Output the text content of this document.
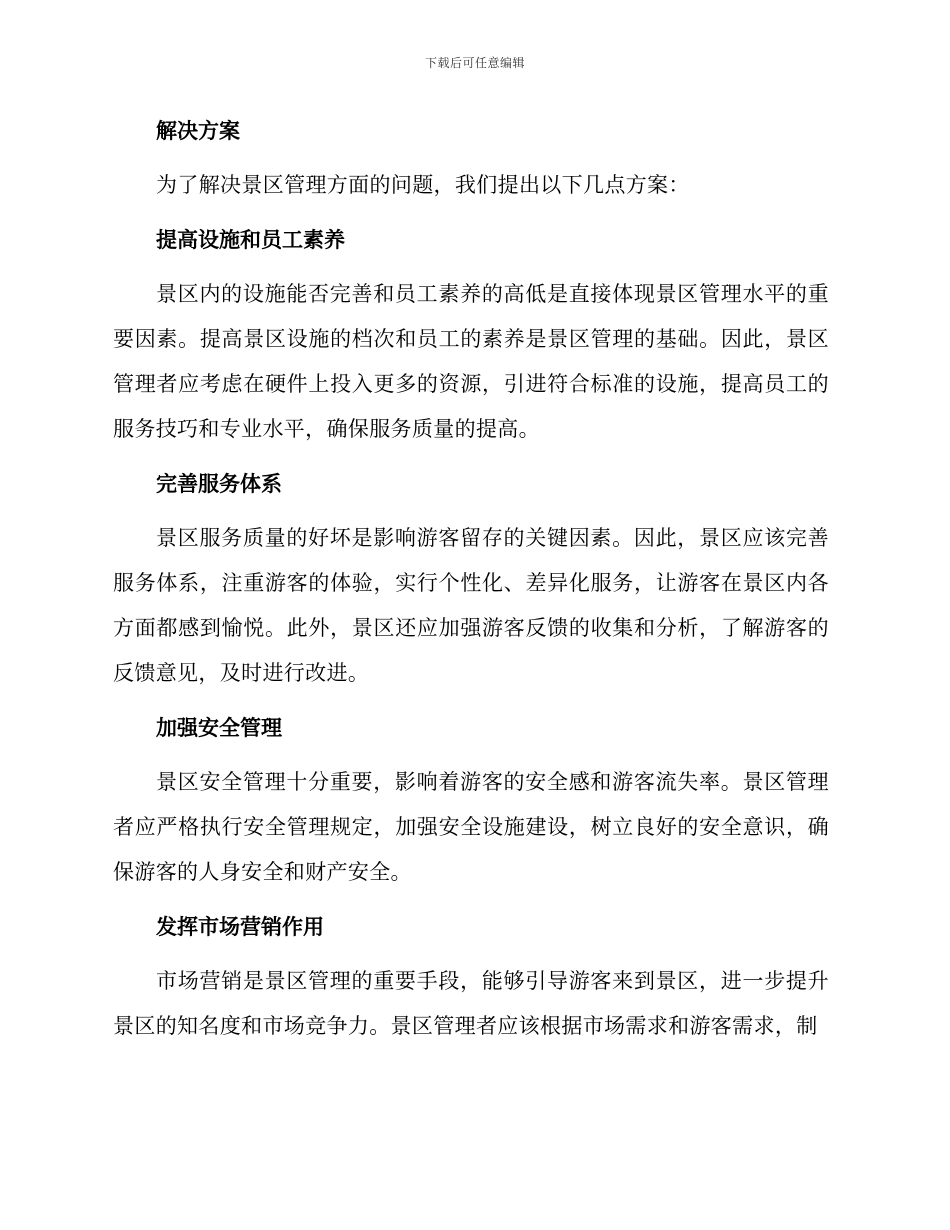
下载后可任意编辑
解决方案

为了解决景区管理方面的问题，我们提出以下几点方案：

提高设施和员工素养

景区内的设施能否完善和员工素养的高低是直接体现景区管理水平的重要因素。提高景区设施的档次和员工的素养是景区管理的基础。因此，景区管理者应考虑在硬件上投入更多的资源，引进符合标准的设施，提高员工的服务技巧和专业水平，确保服务质量的提高。

完善服务体系

景区服务质量的好坏是影响游客留存的关键因素。因此，景区应该完善服务体系，注重游客的体验，实行个性化、差异化服务，让游客在景区内各方面都感到愉悦。此外，景区还应加强游客反馈的收集和分析，了解游客的反馈意见，及时进行改进。

加强安全管理

景区安全管理十分重要，影响着游客的安全感和游客流失率。景区管理者应严格执行安全管理规定，加强安全设施建设，树立良好的安全意识，确保游客的人身安全和财产安全。

发挥市场营销作用

市场营销是景区管理的重要手段，能够引导游客来到景区，进一步提升景区的知名度和市场竞争力。景区管理者应该根据市场需求和游客需求，制
